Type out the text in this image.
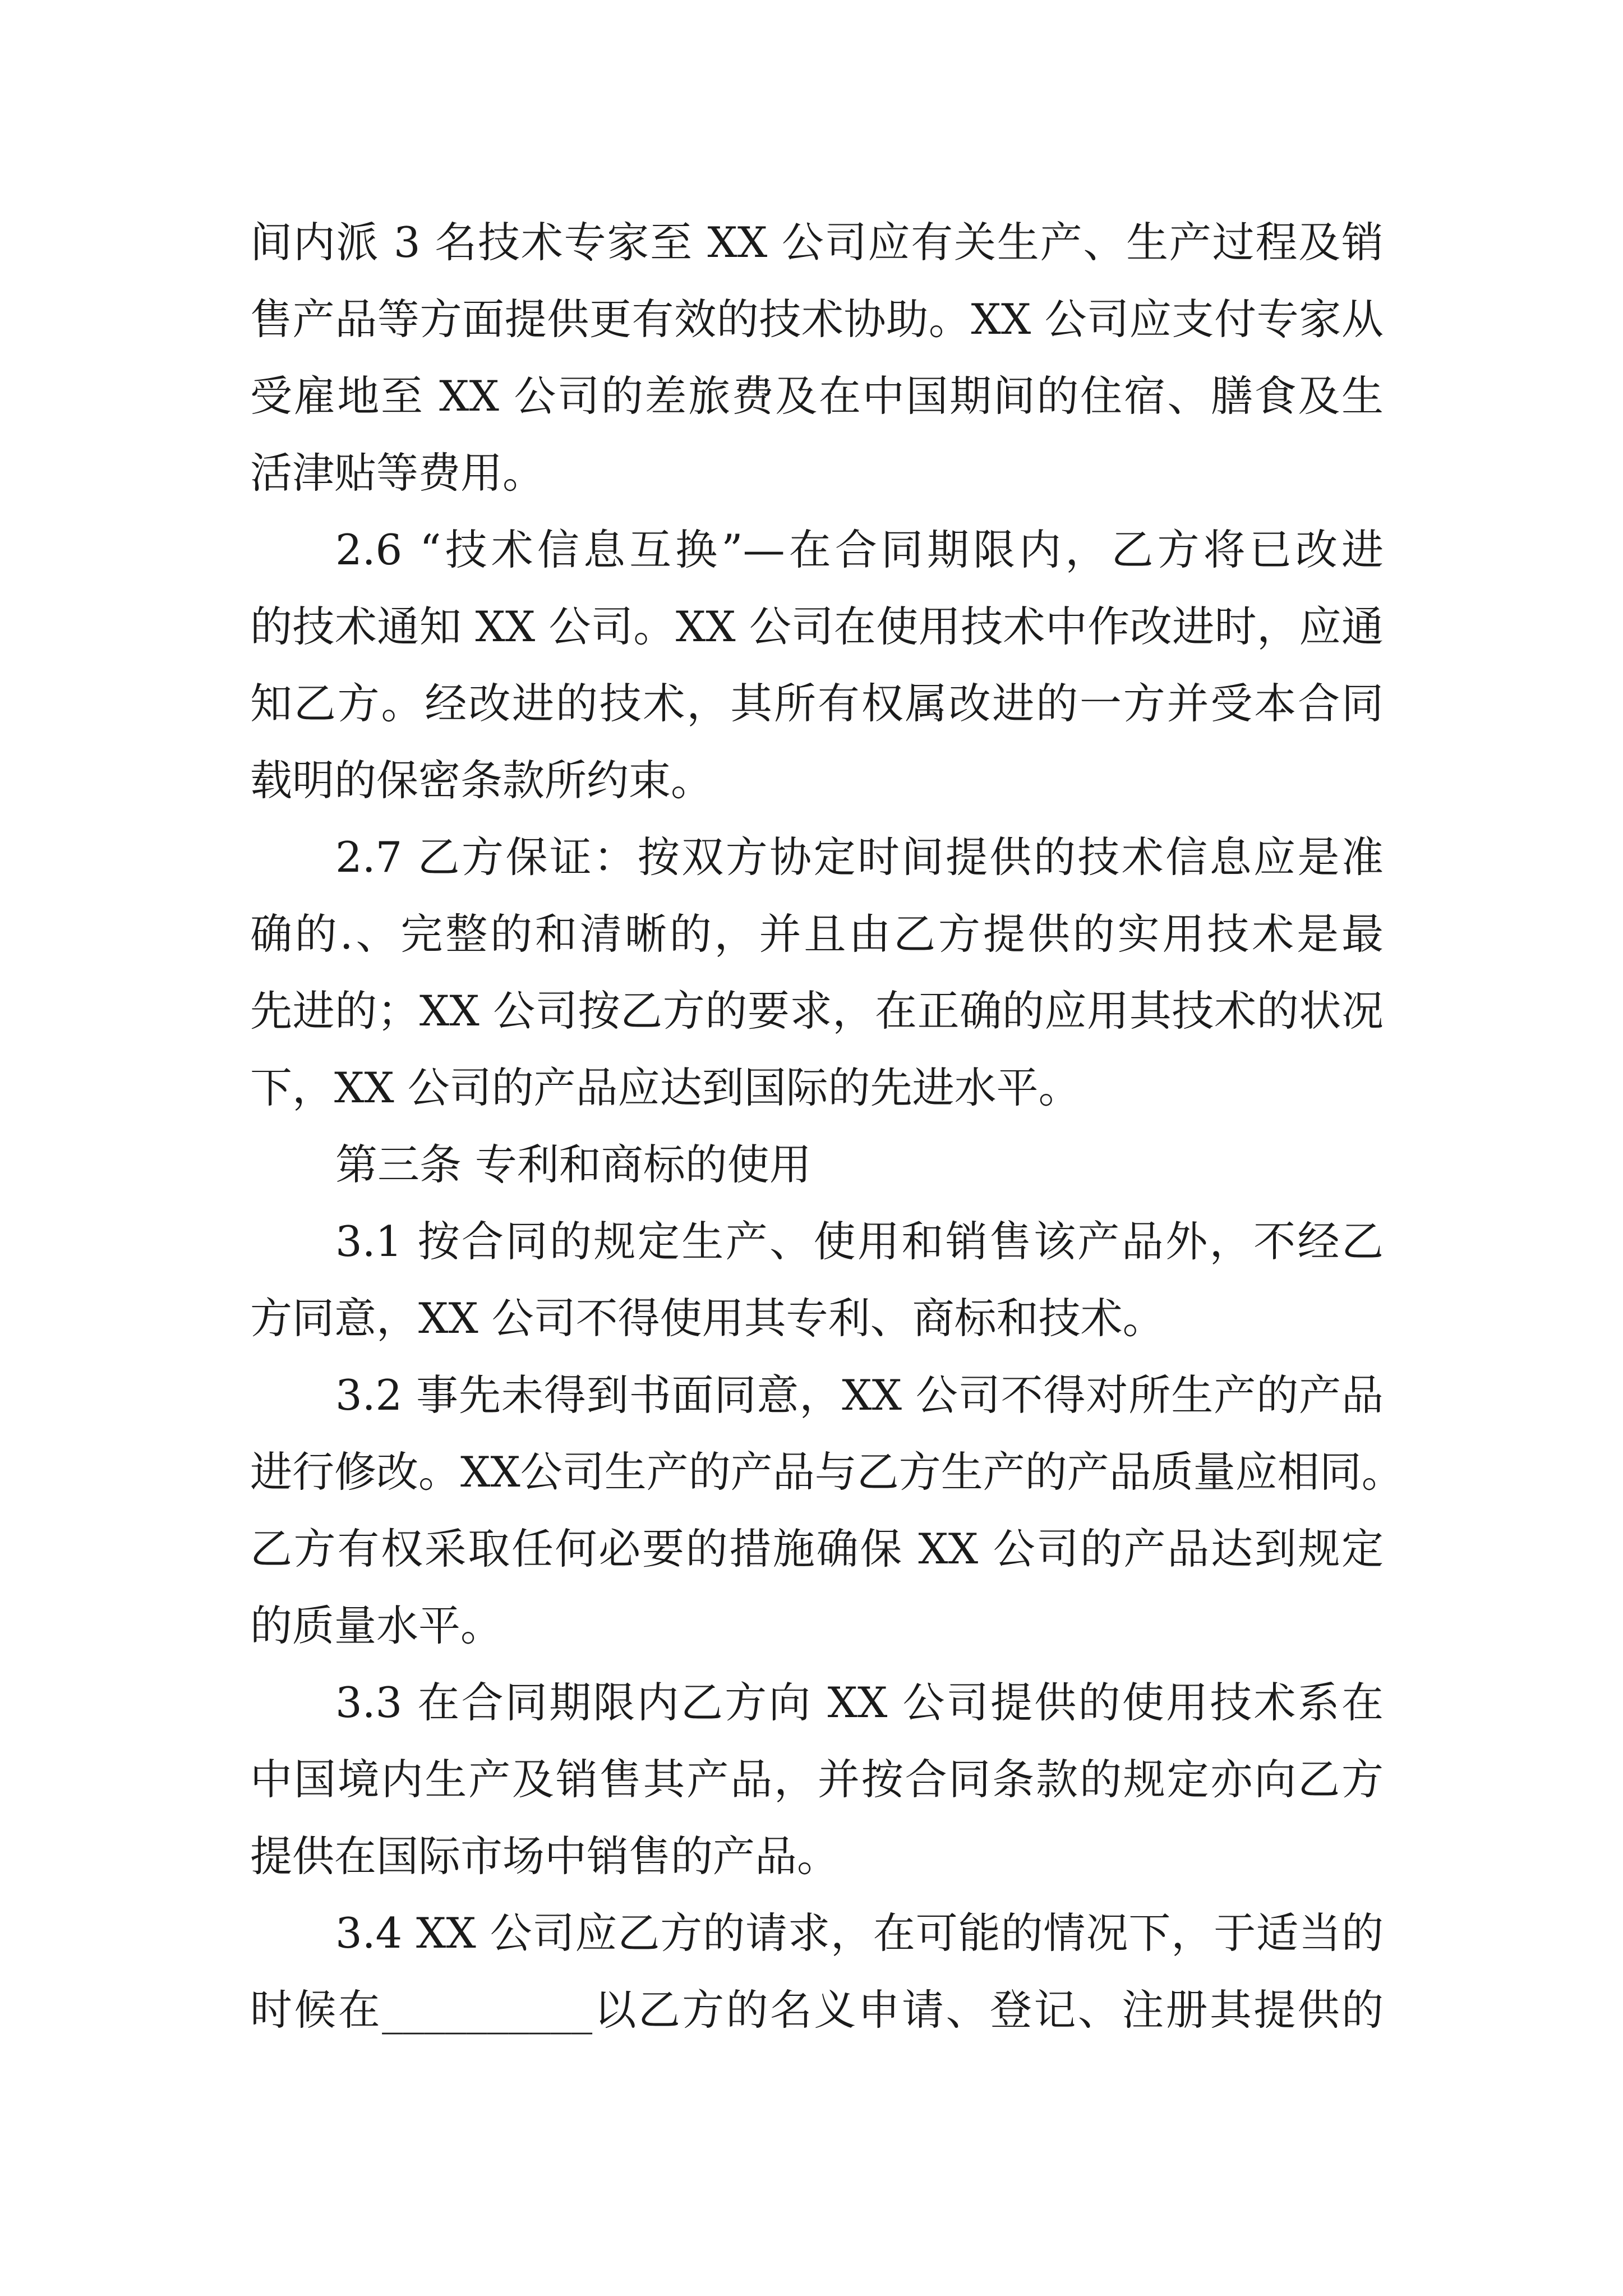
间内派 3 名技术专家至 XX 公司应有关生产、生产过程及销
售产品等方面提供更有效的技术协助。XX 公司应支付专家从
受雇地至 XX 公司的差旅费及在中国期间的住宿、膳食及生
活津贴等费用。
2.6 “技术信息互换”—在合同期限内，乙方将已改进
的技术通知 XX 公司。XX 公司在使用技术中作改进时，应通
知乙方。经改进的技术，其所有权属改进的一方并受本合同
载明的保密条款所约束。
2.7 乙方保证：按双方协定时间提供的技术信息应是准
确的.、完整的和清晰的，并且由乙方提供的实用技术是最
先进的；XX 公司按乙方的要求，在正确的应用其技术的状况
下，XX 公司的产品应达到国际的先进水平。
第三条 专利和商标的使用
3.1 按合同的规定生产、使用和销售该产品外，不经乙
方同意，XX 公司不得使用其专利、商标和技术。
3.2 事先未得到书面同意，XX 公司不得对所生产的产品
进行修改。XX公司生产的产品与乙方生产的产品质量应相同。
乙方有权采取任何必要的措施确保 XX 公司的产品达到规定
的质量水平。
3.3 在合同期限内乙方向 XX 公司提供的使用技术系在
中国境内生产及销售其产品，并按合同条款的规定亦向乙方
提供在国际市场中销售的产品。
3.4 XX 公司应乙方的请求，在可能的情况下，于适当的
时候在__________以乙方的名义申请、登记、注册其提供的
